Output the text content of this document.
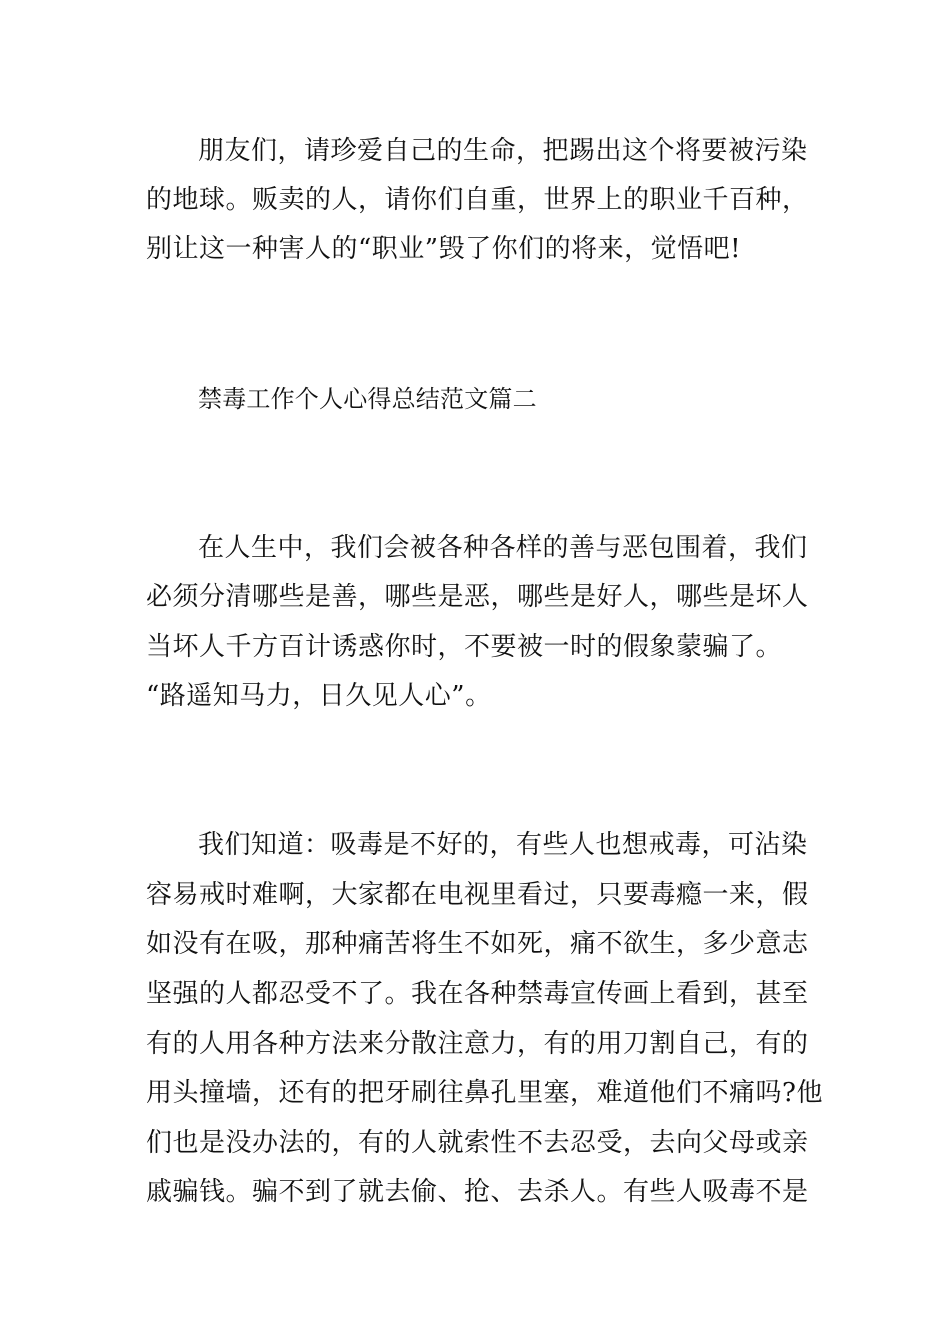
朋友们，请珍爱自己的生命，把踢出这个将要被污染
的地球。贩卖的人，请你们自重，世界上的职业千百种，
别让这一种害人的“职业”毁了你们的将来，觉悟吧!
禁毒工作个人心得总结范文篇二
在人生中，我们会被各种各样的善与恶包围着，我们
必须分清哪些是善，哪些是恶，哪些是好人，哪些是坏人
当坏人千方百计诱惑你时，不要被一时的假象蒙骗了。
“路遥知马力，日久见人心”。
我们知道：吸毒是不好的，有些人也想戒毒，可沾染
容易戒时难啊，大家都在电视里看过，只要毒瘾一来，假
如没有在吸，那种痛苦将生不如死，痛不欲生，多少意志
坚强的人都忍受不了。我在各种禁毒宣传画上看到，甚至
有的人用各种方法来分散注意力，有的用刀割自己，有的
用头撞墙，还有的把牙刷往鼻孔里塞，难道他们不痛吗?他
们也是没办法的，有的人就索性不去忍受，去向父母或亲
戚骗钱。骗不到了就去偷、抢、去杀人。有些人吸毒不是
